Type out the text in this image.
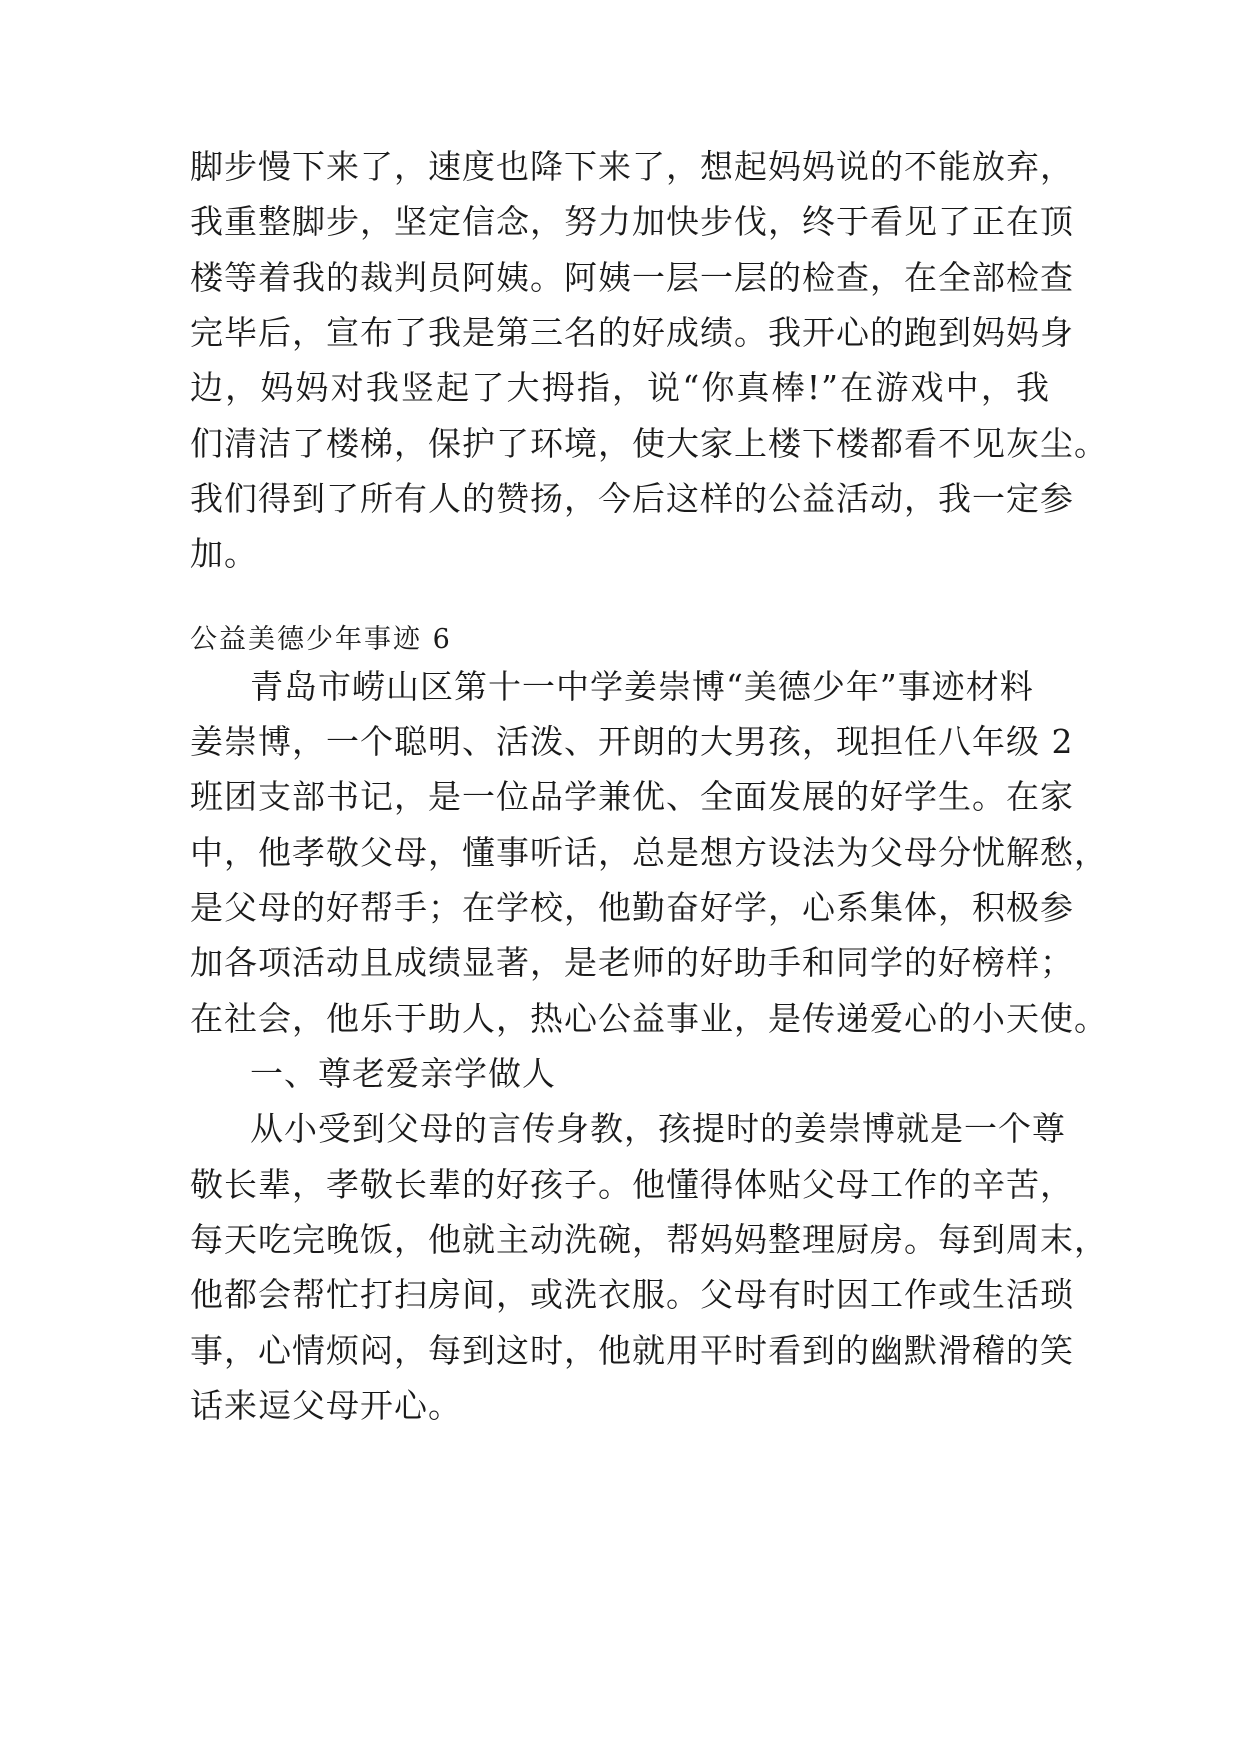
脚步慢下来了，速度也降下来了，想起妈妈说的不能放弃，

我重整脚步，坚定信念，努力加快步伐，终于看见了正在顶

楼等着我的裁判员阿姨。阿姨一层一层的检查，在全部检查

完毕后，宣布了我是第三名的好成绩。我开心的跑到妈妈身

边，妈妈对我竖起了大拇指，说“你真棒!”在游戏中，我

们清洁了楼梯，保护了环境，使大家上楼下楼都看不见灰尘。

我们得到了所有人的赞扬，今后这样的公益活动，我一定参

加。

公益美德少年事迹 6

青岛市崂山区第十一中学姜崇博“美德少年”事迹材料

姜崇博，一个聪明、活泼、开朗的大男孩，现担任八年级 2

班团支部书记，是一位品学兼优、全面发展的好学生。在家

中，他孝敬父母，懂事听话，总是想方设法为父母分忧解愁，

是父母的好帮手；在学校，他勤奋好学，心系集体，积极参

加各项活动且成绩显著，是老师的好助手和同学的好榜样；

在社会，他乐于助人，热心公益事业，是传递爱心的小天使。

一、尊老爱亲学做人

从小受到父母的言传身教，孩提时的姜崇博就是一个尊

敬长辈，孝敬长辈的好孩子。他懂得体贴父母工作的辛苦，

每天吃完晚饭，他就主动洗碗，帮妈妈整理厨房。每到周末，

他都会帮忙打扫房间，或洗衣服。父母有时因工作或生活琐

事，心情烦闷，每到这时，他就用平时看到的幽默滑稽的笑

话来逗父母开心。
